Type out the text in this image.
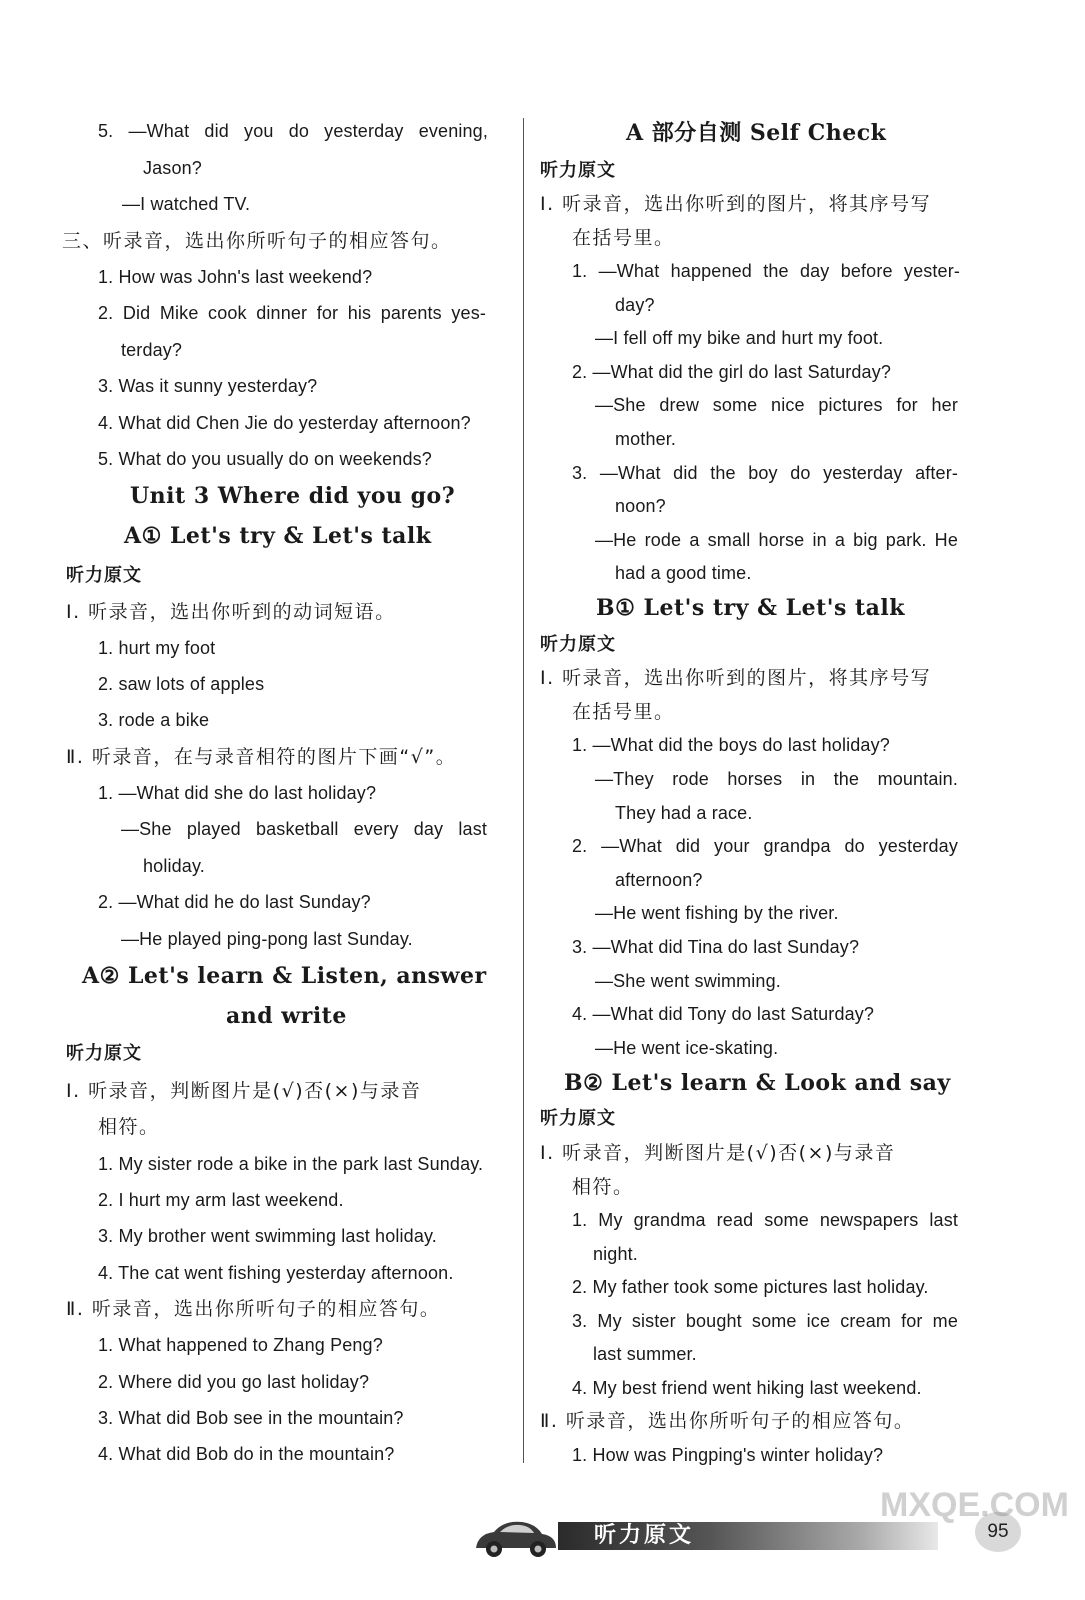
5. —What did you do yesterday evening,
Jason?
—I watched TV.
三、听录音，选出你所听句子的相应答句。
1. How was John's last weekend?
2. Did Mike cook dinner for his parents yes-
terday?
3. Was it sunny yesterday?
4. What did Chen Jie do yesterday afternoon?
5. What do you usually do on weekends?
Unit 3 Where did you go?
A① Let's try & Let's talk
听力原文
Ⅰ. 听录音，选出你听到的动词短语。
1. hurt my foot
2. saw lots of apples
3. rode a bike
Ⅱ. 听录音，在与录音相符的图片下画“√”。
1. —What did she do last holiday?
—She played basketball every day last
holiday.
2. —What did he do last Sunday?
—He played ping-pong last Sunday.
A② Let's learn & Listen, answer
and write
听力原文
Ⅰ. 听录音，判断图片是(√)否(×)与录音
相符。
1. My sister rode a bike in the park last Sunday.
2. I hurt my arm last weekend.
3. My brother went swimming last holiday.
4. The cat went fishing yesterday afternoon.
Ⅱ. 听录音，选出你所听句子的相应答句。
1. What happened to Zhang Peng?
2. Where did you go last holiday?
3. What did Bob see in the mountain?
4. What did Bob do in the mountain?
A 部分自测 Self Check
听力原文
Ⅰ. 听录音，选出你听到的图片，将其序号写
在括号里。
1. —What happened the day before yester-
day?
—I fell off my bike and hurt my foot.
2. —What did the girl do last Saturday?
—She drew some nice pictures for her
mother.
3. —What did the boy do yesterday after-
noon?
—He rode a small horse in a big park. He
had a good time.
B① Let's try & Let's talk
听力原文
Ⅰ. 听录音，选出你听到的图片，将其序号写
在括号里。
1. —What did the boys do last holiday?
—They rode horses in the mountain.
They had a race.
2. —What did your grandpa do yesterday
afternoon?
—He went fishing by the river.
3. —What did Tina do last Sunday?
—She went swimming.
4. —What did Tony do last Saturday?
—He went ice-skating.
B② Let's learn & Look and say
听力原文
Ⅰ. 听录音，判断图片是(√)否(×)与录音
相符。
1. My grandma read some newspapers last
night.
2. My father took some pictures last holiday.
3. My sister bought some ice cream for me
last summer.
4. My best friend went hiking last weekend.
Ⅱ. 听录音，选出你所听句子的相应答句。
1. How was Pingping's winter holiday?
听力原文	95
MXQE.COM
